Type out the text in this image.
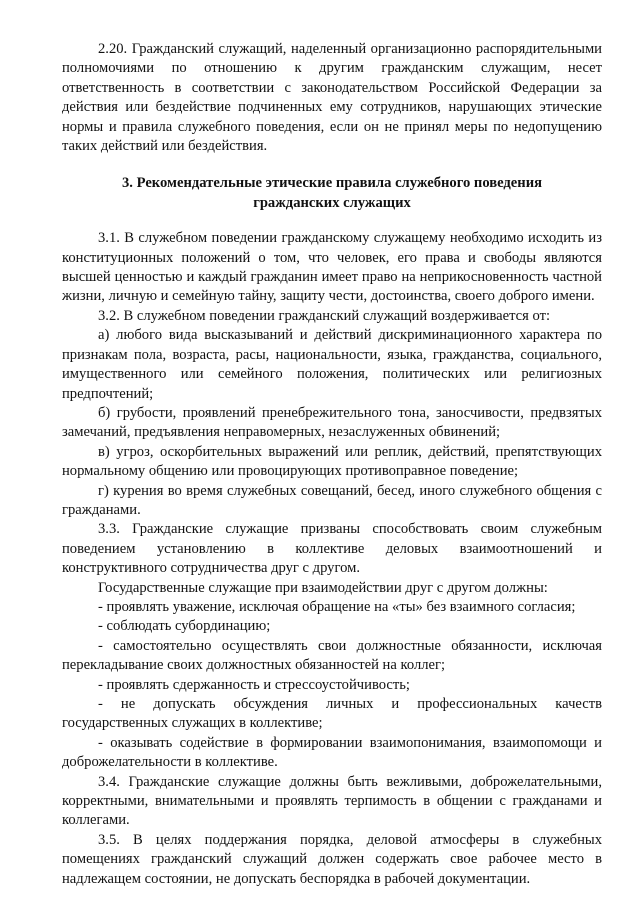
2.20. Гражданский служащий, наделенный организационно распорядительными полномочиями по отношению к другим гражданским служащим, несет ответственность в соответствии с законодательством Российской Федерации за действия или бездействие подчиненных ему сотрудников, нарушающих этические нормы и правила служебного поведения, если он не принял меры по недопущению таких действий или бездействия.

3. Рекомендательные этические правила служебного поведения гражданских служащих

3.1. В служебном поведении гражданскому служащему необходимо исходить из конституционных положений о том, что человек, его права и свободы являются высшей ценностью и каждый гражданин имеет право на неприкосновенность частной жизни, личную и семейную тайну, защиту чести, достоинства, своего доброго имени.

3.2. В служебном поведении гражданский служащий воздерживается от:

а) любого вида высказываний и действий дискриминационного характера по признакам пола, возраста, расы, национальности, языка, гражданства, социального, имущественного или семейного положения, политических или религиозных предпочтений;

б) грубости, проявлений пренебрежительного тона, заносчивости, предвзятых замечаний, предъявления неправомерных, незаслуженных обвинений;

в) угроз, оскорбительных выражений или реплик, действий, препятствующих нормальному общению или провоцирующих противоправное поведение;

г) курения во время служебных совещаний, бесед, иного служебного общения с гражданами.

3.3. Гражданские служащие призваны способствовать своим служебным поведением установлению в коллективе деловых взаимоотношений и конструктивного сотрудничества друг с другом.

Государственные служащие при взаимодействии друг с другом должны:

- проявлять уважение, исключая обращение на «ты» без взаимного согласия;

- соблюдать субординацию;

- самостоятельно осуществлять свои должностные обязанности, исключая перекладывание своих должностных обязанностей на коллег;

- проявлять сдержанность и стрессоустойчивость;

- не допускать обсуждения личных и профессиональных качеств государственных служащих в коллективе;

- оказывать содействие в формировании взаимопонимания, взаимопомощи и доброжелательности в коллективе.

3.4. Гражданские служащие должны быть вежливыми, доброжелательными, корректными, внимательными и проявлять терпимость в общении с гражданами и коллегами.

3.5. В целях поддержания порядка, деловой атмосферы в служебных помещениях гражданский служащий должен содержать свое рабочее место в надлежащем состоянии, не допускать беспорядка в рабочей документации.
